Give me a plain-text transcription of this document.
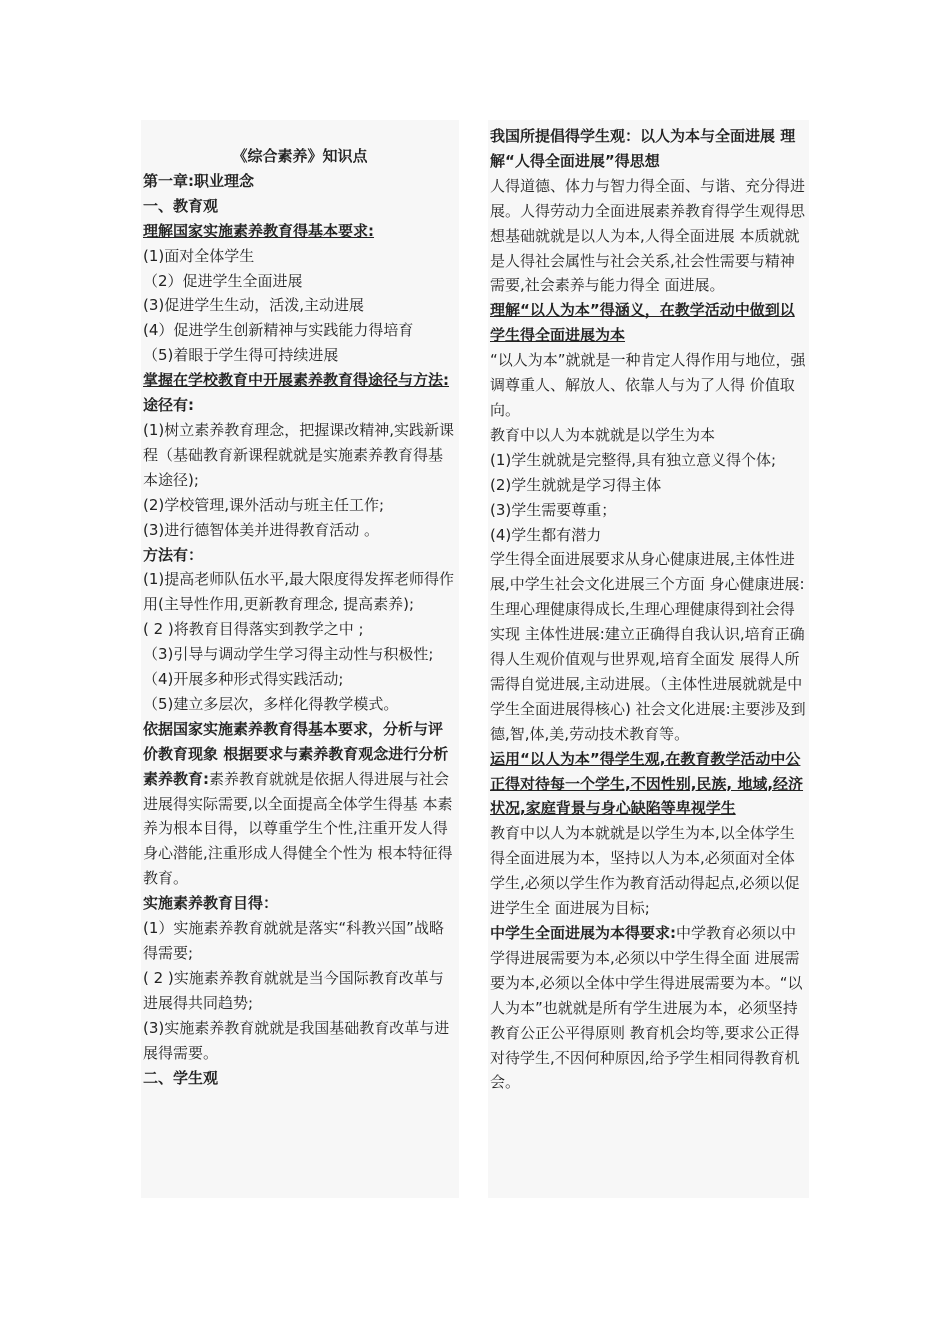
《综合素养》知识点

第一章:职业理念

一、教育观

理解国家实施素养教育得基本要求:

(1)面对全体学生

（2）促进学生全面进展

(3)促进学生生动，活泼,主动进展

(4）促进学生创新精神与实践能力得培育

（5)着眼于学生得可持续进展

掌握在学校教育中开展素养教育得途径与方法:

途径有:

(1)树立素养教育理念，把握课改精神,实践新课程（基础教育新课程就就是实施素养教育得基本途径);

(2)学校管理,课外活动与班主任工作;

(3)进行德智体美并进得教育活动 。

方法有：

(1)提高老师队伍水平,最大限度得发挥老师得作用(主导性作用,更新教育理念, 提高素养);

( 2 )将教育目得落实到教学之中 ;

（3)引导与调动学生学习得主动性与积极性;

（4)开展多种形式得实践活动;

（5)建立多层次，多样化得教学模式。

依据国家实施素养教育得基本要求，分析与评价教育现象 根据要求与素养教育观念进行分析

素养教育:素养教育就就是依据人得进展与社会进展得实际需要,以全面提高全体学生得基 本素养为根本目得，以尊重学生个性,注重开发人得身心潜能,注重形成人得健全个性为 根本特征得教育。

实施素养教育目得：

(1）实施素养教育就就是落实“科教兴国”战略得需要;

( 2 )实施素养教育就就是当今国际教育改革与进展得共同趋势;

(3)实施素养教育就就是我国基础教育改革与进展得需要。

二、学生观

我国所提倡得学生观：以人为本与全面进展 理解“人得全面进展”得思想

人得道德、体力与智力得全面、与谐、充分得进展。人得劳动力全面进展素养教育得学生观得思想基础就就是以人为本,人得全面进展 本质就就是人得社会属性与社会关系,社会性需要与精神需要,社会素养与能力得全 面进展。

理解“以人为本”得涵义，在教学活动中做到以学生得全面进展为本

“以人为本”就就是一种肯定人得作用与地位，强调尊重人、解放人、依靠人与为了人得 价值取向。

教育中以人为本就就是以学生为本

(1)学生就就是完整得,具有独立意义得个体;

(2)学生就就是学习得主体

(3)学生需要尊重；

(4)学生都有潜力

学生得全面进展要求从身心健康进展,主体性进展,中学生社会文化进展三个方面 身心健康进展:生理心理健康得成长,生理心理健康得到社会得实现 主体性进展:建立正确得自我认识,培育正确得人生观价值观与世界观,培育全面发 展得人所需得自觉进展,主动进展。（主体性进展就就是中学生全面进展得核心) 社会文化进展:主要涉及到德,智,体,美,劳动技术教育等。

运用“以人为本”得学生观,在教育教学活动中公正得对待每一个学生,不因性别,民族, 地域,经济状况,家庭背景与身心缺陷等卑视学生

教育中以人为本就就是以学生为本,以全体学生得全面进展为本，坚持以人为本,必须面对全体学生,必须以学生作为教育活动得起点,必须以促进学生全 面进展为目标;

中学生全面进展为本得要求:中学教育必须以中学得进展需要为本,必须以中学生得全面 进展需要为本,必须以全体中学生得进展需要为本。“以人为本”也就就是所有学生进展为本，必须坚持教育公正公平得原则 教育机会均等,要求公正得对待学生,不因何种原因,给予学生相同得教育机会。
